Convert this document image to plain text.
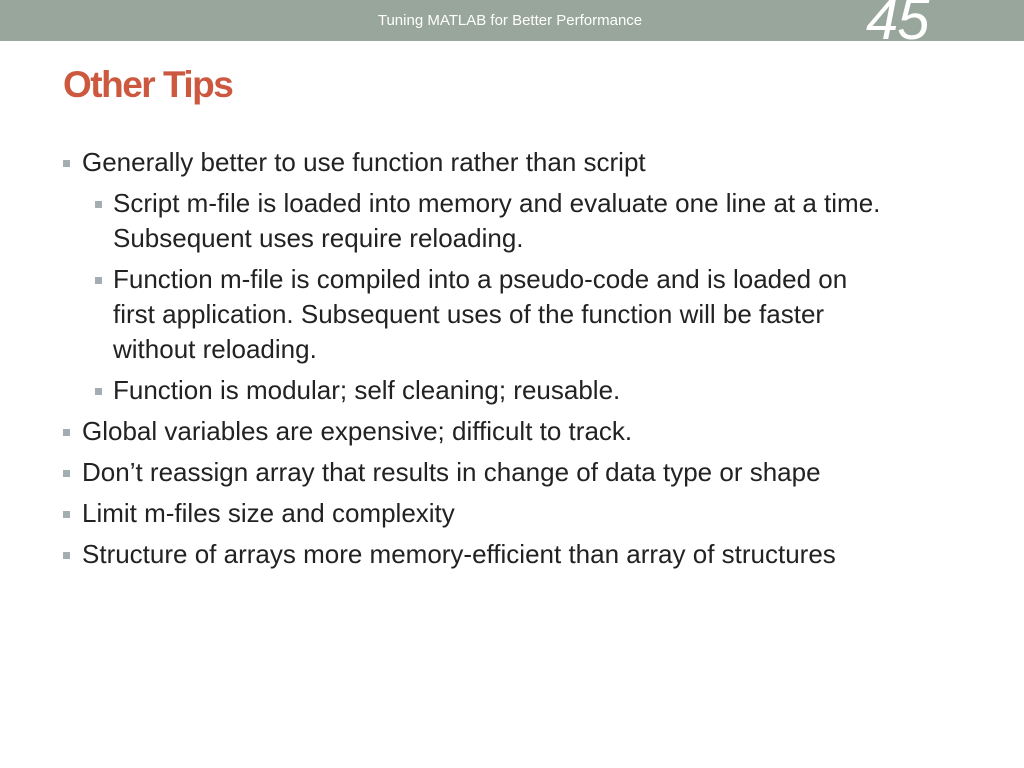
Tuning MATLAB for Better Performance	45
Other Tips
Generally better to use function rather than script
Script m-file is loaded into memory and evaluate one line at a time.
Subsequent uses require reloading.
Function m-file is compiled into a pseudo-code and is loaded on
first application. Subsequent uses of the function will be faster
without reloading.
Function is modular; self cleaning; reusable.
Global variables are expensive; difficult to track.
Don’t reassign array that results in change of data type or shape
Limit m-files size and complexity
Structure of arrays more memory-efficient than array of structures
